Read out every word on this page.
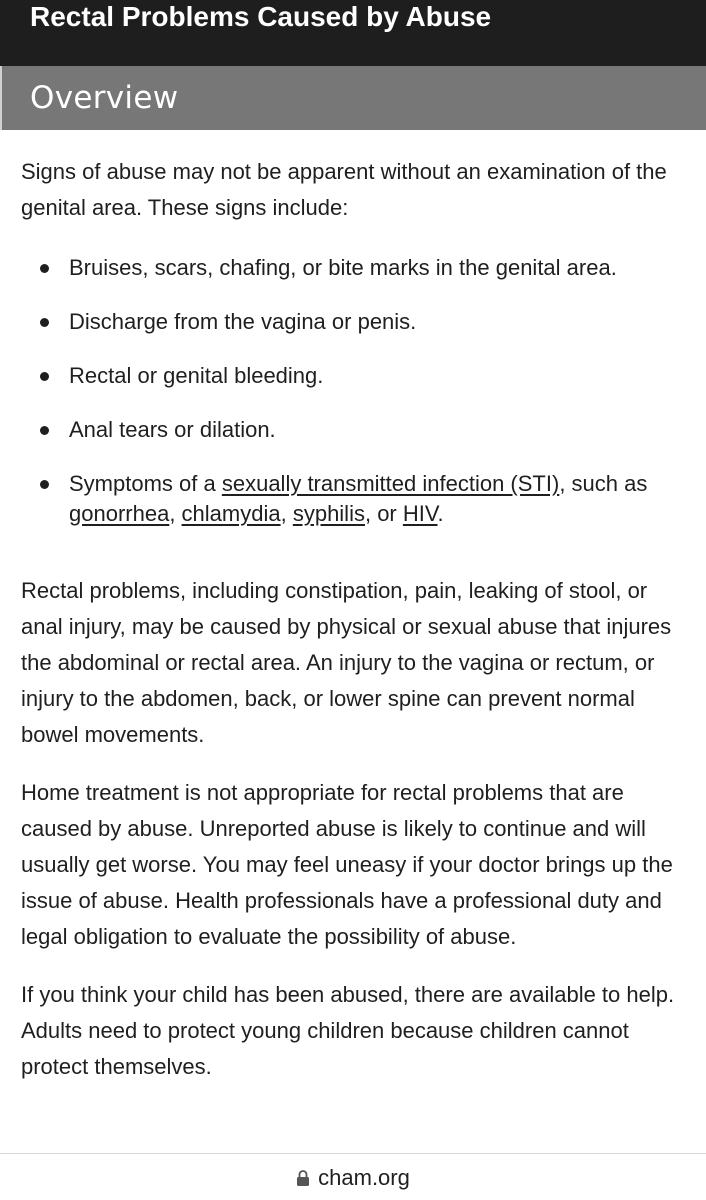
Rectal Problems Caused by Abuse
Overview

Signs of abuse may not be apparent without an examination of the genital area. These signs include:

Bruises, scars, chafing, or bite marks in the genital area.
Discharge from the vagina or penis.
Rectal or genital bleeding.
Anal tears or dilation.
Symptoms of a sexually transmitted infection (STI), such as gonorrhea, chlamydia, syphilis, or HIV.

Rectal problems, including constipation, pain, leaking of stool, or anal injury, may be caused by physical or sexual abuse that injures the abdominal or rectal area. An injury to the vagina or rectum, or injury to the abdomen, back, or lower spine can prevent normal bowel movements.

Home treatment is not appropriate for rectal problems that are caused by abuse. Unreported abuse is likely to continue and will usually get worse. You may feel uneasy if your doctor brings up the issue of abuse. Health professionals have a professional duty and legal obligation to evaluate the possibility of abuse.

If you think your child has been abused, there are available to help. Adults need to protect young children because children cannot protect themselves.

cham.org
